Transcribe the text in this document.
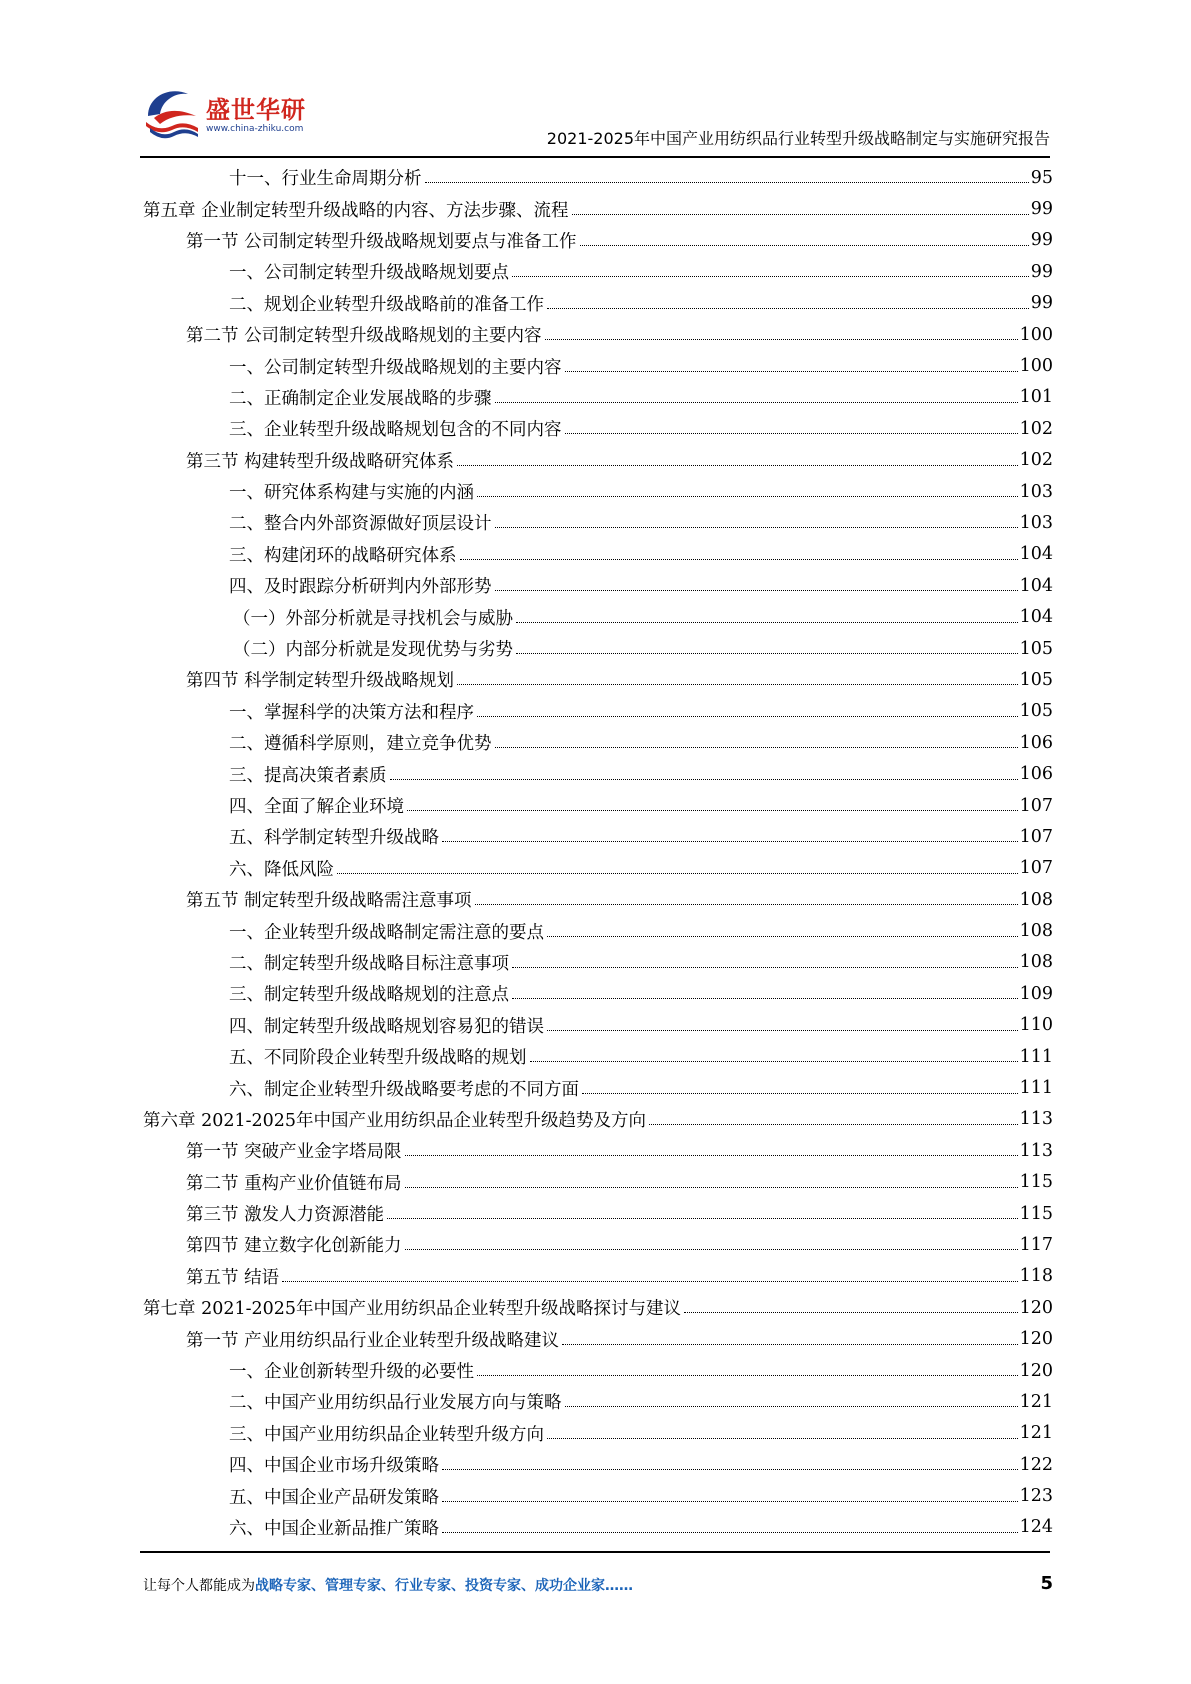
盛世华研
www.china-zhiku.com	2021-2025年中国产业用纺织品行业转型升级战略制定与实施研究报告
十一、行业生命周期分析	95
第五章 企业制定转型升级战略的内容、方法步骤、流程	99
第一节 公司制定转型升级战略规划要点与准备工作	99
一、公司制定转型升级战略规划要点	99
二、规划企业转型升级战略前的准备工作	99
第二节 公司制定转型升级战略规划的主要内容	100
一、公司制定转型升级战略规划的主要内容	100
二、正确制定企业发展战略的步骤	101
三、企业转型升级战略规划包含的不同内容	102
第三节 构建转型升级战略研究体系	102
一、研究体系构建与实施的内涵	103
二、整合内外部资源做好顶层设计	103
三、构建闭环的战略研究体系	104
四、及时跟踪分析研判内外部形势	104
（一）外部分析就是寻找机会与威胁	104
（二）内部分析就是发现优势与劣势	105
第四节 科学制定转型升级战略规划	105
一、掌握科学的决策方法和程序	105
二、遵循科学原则，建立竞争优势	106
三、提高决策者素质	106
四、全面了解企业环境	107
五、科学制定转型升级战略	107
六、降低风险	107
第五节 制定转型升级战略需注意事项	108
一、企业转型升级战略制定需注意的要点	108
二、制定转型升级战略目标注意事项	108
三、制定转型升级战略规划的注意点	109
四、制定转型升级战略规划容易犯的错误	110
五、不同阶段企业转型升级战略的规划	111
六、制定企业转型升级战略要考虑的不同方面	111
第六章 2021-2025年中国产业用纺织品企业转型升级趋势及方向	113
第一节 突破产业金字塔局限	113
第二节 重构产业价值链布局	115
第三节 激发人力资源潜能	115
第四节 建立数字化创新能力	117
第五节 结语	118
第七章 2021-2025年中国产业用纺织品企业转型升级战略探讨与建议	120
第一节 产业用纺织品行业企业转型升级战略建议	120
一、企业创新转型升级的必要性	120
二、中国产业用纺织品行业发展方向与策略	121
三、中国产业用纺织品企业转型升级方向	121
四、中国企业市场升级策略	122
五、中国企业产品研发策略	123
六、中国企业新品推广策略	124
让每个人都能成为战略专家、管理专家、行业专家、投资专家、成功企业家……	5
